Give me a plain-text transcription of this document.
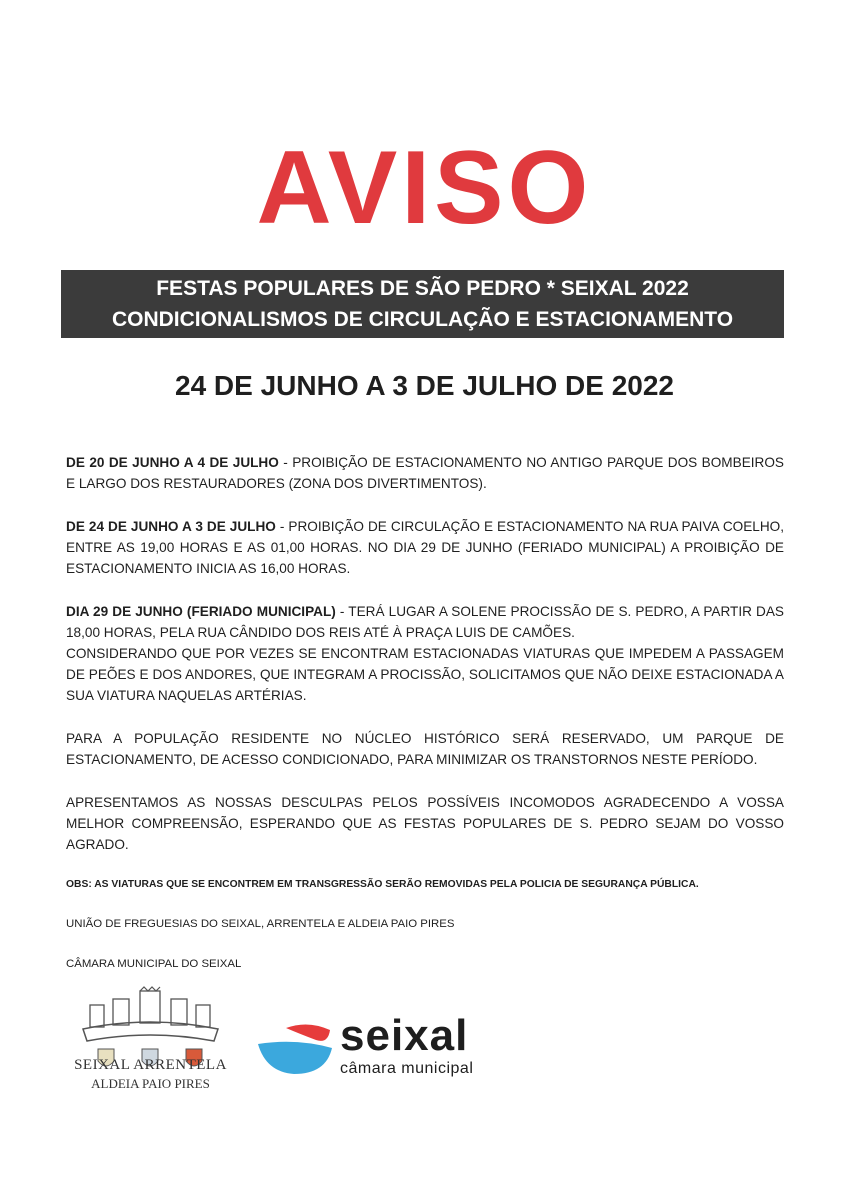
AVISO
FESTAS POPULARES DE SÃO PEDRO * SEIXAL 2022
CONDICIONALISMOS DE CIRCULAÇÃO E ESTACIONAMENTO
24 DE JUNHO A 3 DE JULHO DE 2022

DE 20 DE JUNHO A 4 DE JULHO - PROIBIÇÃO DE ESTACIONAMENTO NO ANTIGO PARQUE DOS BOMBEIROS E LARGO DOS RESTAURADORES (ZONA DOS DIVERTIMENTOS).

DE 24 DE JUNHO A 3 DE JULHO - PROIBIÇÃO DE CIRCULAÇÃO E ESTACIONAMENTO NA RUA PAIVA COELHO, ENTRE AS 19,00 HORAS E AS 01,00 HORAS. NO DIA 29 DE JUNHO (FERIADO MUNICIPAL) A PROIBIÇÃO DE ESTACIONAMENTO INICIA AS 16,00 HORAS.

DIA 29 DE JUNHO (FERIADO MUNICIPAL) - TERÁ LUGAR A SOLENE PROCISSÃO DE S. PEDRO, A PARTIR DAS 18,00 HORAS, PELA RUA CÂNDIDO DOS REIS ATÉ À PRAÇA LUIS DE CAMÕES.
CONSIDERANDO QUE POR VEZES SE ENCONTRAM ESTACIONADAS VIATURAS QUE IMPEDEM A PASSAGEM DE PEÕES E DOS ANDORES, QUE INTEGRAM A PROCISSÃO, SOLICITAMOS QUE NÃO DEIXE ESTACIONADA A SUA VIATURA NAQUELAS ARTÉRIAS.

PARA A POPULAÇÃO RESIDENTE NO NÚCLEO HISTÓRICO SERÁ RESERVADO, UM PARQUE DE ESTACIONAMENTO, DE ACESSO CONDICIONADO, PARA MINIMIZAR OS TRANSTORNOS NESTE PERÍODO.

APRESENTAMOS AS NOSSAS DESCULPAS PELOS POSSÍVEIS INCOMODOS AGRADECENDO A VOSSA MELHOR COMPREENSÃO, ESPERANDO QUE AS FESTAS POPULARES DE S. PEDRO SEJAM DO VOSSO AGRADO.

OBS: AS VIATURAS QUE SE ENCONTREM EM TRANSGRESSÃO SERÃO REMOVIDAS PELA POLICIA DE SEGURANÇA PÚBLICA.

UNIÃO DE FREGUESIAS DO SEIXAL, ARRENTELA E ALDEIA PAIO PIRES

CÂMARA MUNICIPAL DO SEIXAL

SEIXAL ARRENTELA
ALDEIA PAIO PIRES
seixal
câmara municipal
